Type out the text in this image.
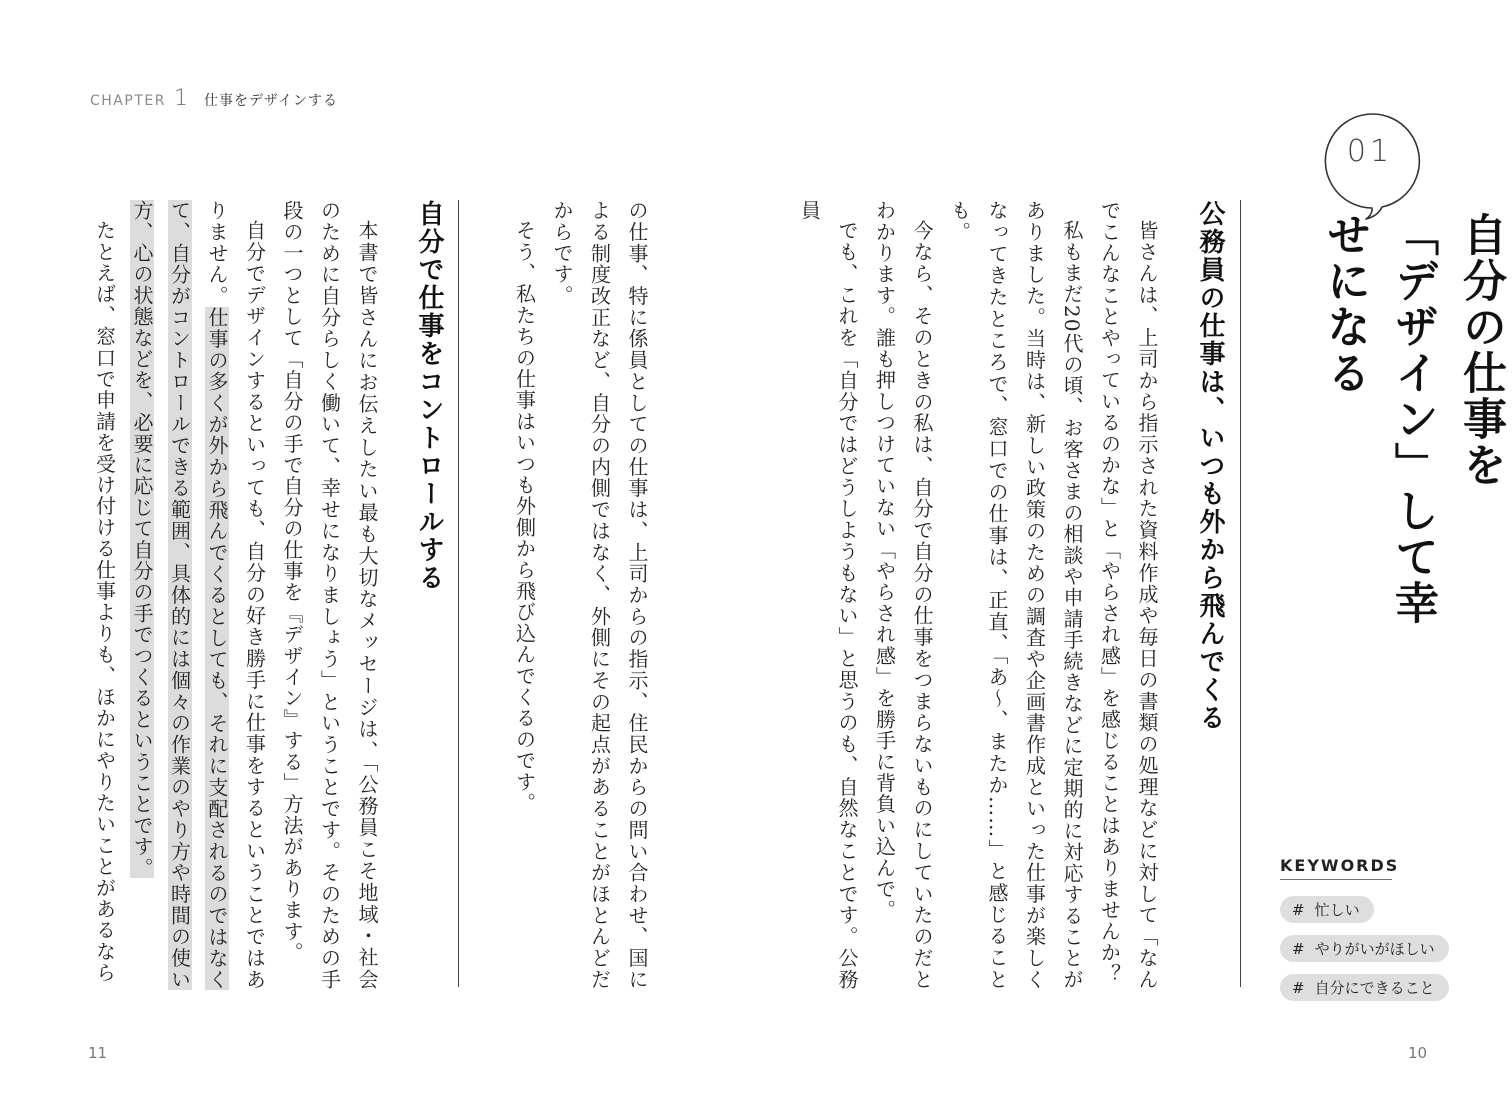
CHAPTER 1 仕事をデザインする
01
自分の仕事を
「デザイン」して幸せになる
公務員の仕事は、いつも外から飛んでくる

皆さんは、上司から指示された資料作成や毎日の書類の処理などに対して「なんでこんなことやっているのかな」と「やらされ感」を感じることはありませんか？

私もまだ20代の頃、お客さまの相談や申請手続きなどに定期的に対応することがありました。当時は、新しい政策のための調査や企画書作成といった仕事が楽しくなってきたところで、窓口での仕事は、正直、「あ〜、またか……」と感じることも。

今なら、そのときの私は、自分で自分の仕事をつまらないものにしていたのだとわかります。誰も押しつけていない「やらされ感」を勝手に背負い込んで。

でも、これを「自分ではどうしようもない」と思うのも、自然なことです。公務員

KEYWORDS
# 忙しい
# やりがいがほしい
# 自分にできること

の仕事、特に係員としての仕事は、上司からの指示、住民からの問い合わせ、国による制度改正など、自分の内側ではなく、外側にその起点があることがほとんどだからです。

そう、私たちの仕事はいつも外側から飛び込んでくるのです。

自分で仕事をコントロールする

本書で皆さんにお伝えしたい最も大切なメッセージは、「公務員こそ地域・社会のために自分らしく働いて、幸せになりましょう」ということです。そのための手段の一つとして「自分の手で自分の仕事を『デザイン』する」方法があります。

自分でデザインするといっても、自分の好き勝手に仕事をするということではありません。仕事の多くが外から飛んでくるとしても、それに支配されるのではなくて、自分がコントロールできる範囲、具体的には個々の作業のやり方や時間の使い方、心の状態などを、必要に応じて自分の手でつくるということです。

たとえば、窓口で申請を受け付ける仕事よりも、ほかにやりたいことがあるなら

11	10
